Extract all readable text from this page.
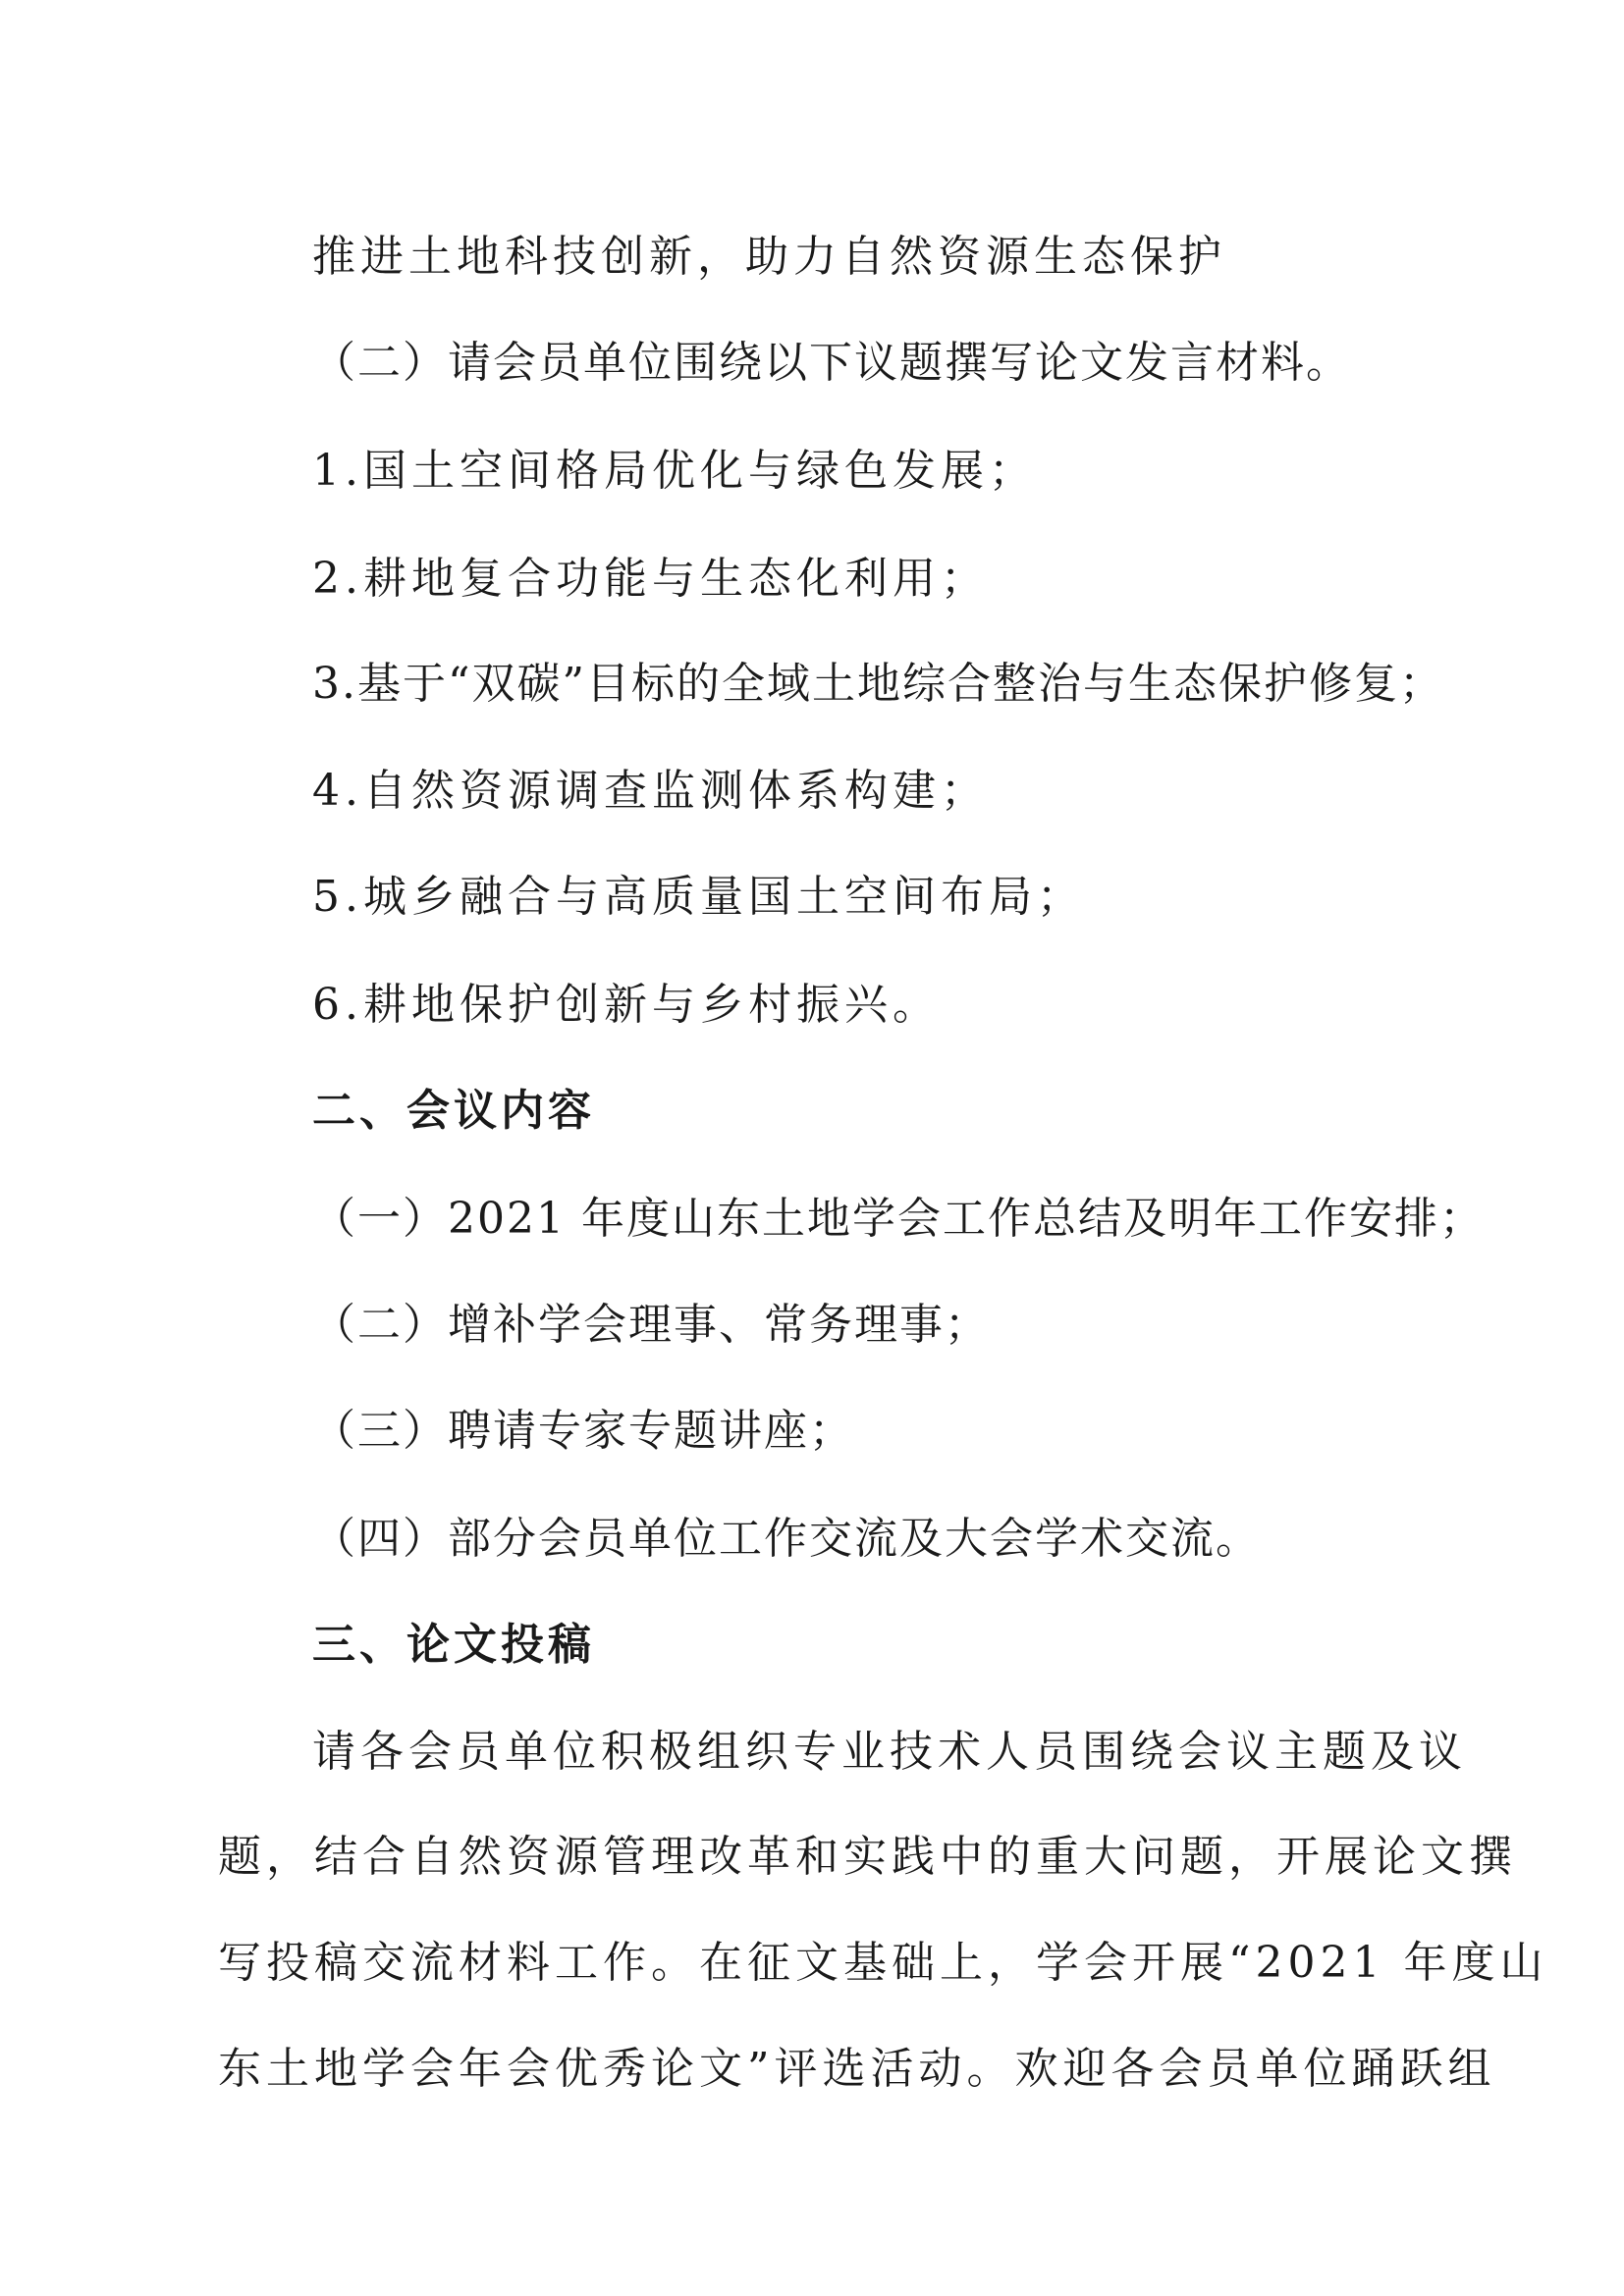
推进土地科技创新，助力自然资源生态保护
（二）请会员单位围绕以下议题撰写论文发言材料。
1.国土空间格局优化与绿色发展；
2.耕地复合功能与生态化利用；
3.基于“双碳”目标的全域土地综合整治与生态保护修复；
4.自然资源调查监测体系构建；
5.城乡融合与高质量国土空间布局；
6.耕地保护创新与乡村振兴。
二、会议内容
（一）2021 年度山东土地学会工作总结及明年工作安排；
（二）增补学会理事、常务理事；
（三）聘请专家专题讲座；
（四）部分会员单位工作交流及大会学术交流。
三、论文投稿
请各会员单位积极组织专业技术人员围绕会议主题及议
题，结合自然资源管理改革和实践中的重大问题，开展论文撰
写投稿交流材料工作。在征文基础上，学会开展“2021 年度山
东土地学会年会优秀论文”评选活动。欢迎各会员单位踊跃组
